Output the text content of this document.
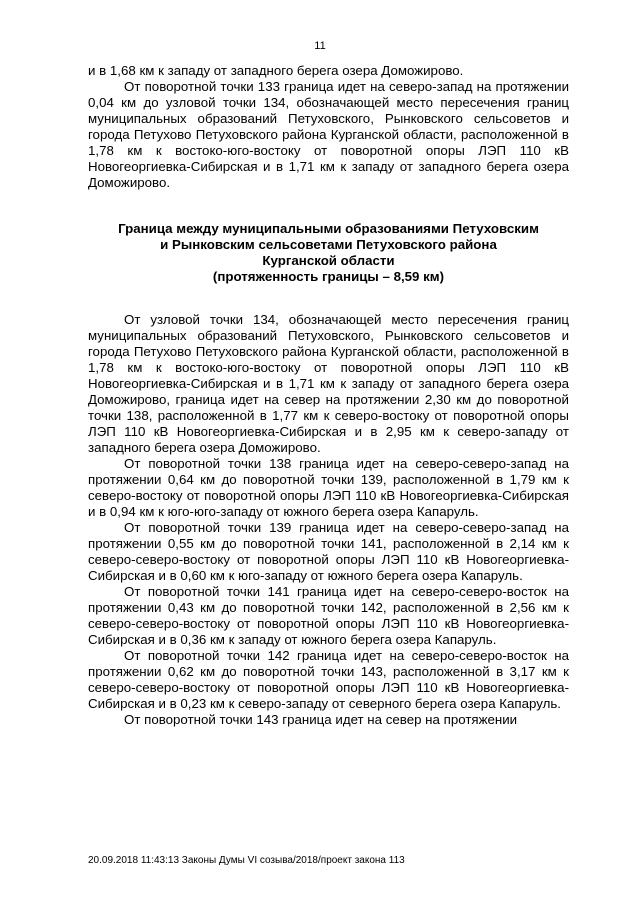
11

и в 1,68 км к западу от западного берега озера Доможирово.

От поворотной точки 133 граница идет на северо-запад на протяжении 0,04 км до узловой точки 134, обозначающей место пересечения границ муниципальных образований Петуховского, Рынковского сельсоветов и города Петухово Петуховского района Курганской области, расположенной в 1,78 км к востоко-юго-востоку от поворотной опоры ЛЭП 110 кВ Новогеоргиевка-Сибирская и в 1,71 км к западу от западного берега озера Доможирово.

Граница между муниципальными образованиями Петуховским
и Рынковским сельсоветами Петуховского района
Курганской области
(протяженность границы – 8,59 км)

От узловой точки 134, обозначающей место пересечения границ муниципальных образований Петуховского, Рынковского сельсоветов и города Петухово Петуховского района Курганской области, расположенной в 1,78 км к востоко-юго-востоку от поворотной опоры ЛЭП 110 кВ Новогеоргиевка-Сибирская и в 1,71 км к западу от западного берега озера Доможирово, граница идет на север на протяжении 2,30 км до поворотной точки 138, расположенной в 1,77 км к северо-востоку от поворотной опоры ЛЭП 110 кВ Новогеоргиевка-Сибирская и в 2,95 км к северо-западу от западного берега озера Доможирово.

От поворотной точки 138 граница идет на северо-северо-запад на протяжении 0,64 км до поворотной точки 139, расположенной в 1,79 км к северо-востоку от поворотной опоры ЛЭП 110 кВ Новогеоргиевка-Сибирская и в 0,94 км к юго-юго-западу от южного берега озера Капаруль.

От поворотной точки 139 граница идет на северо-северо-запад на протяжении 0,55 км до поворотной точки 141, расположенной в 2,14 км к северо-северо-востоку от поворотной опоры ЛЭП 110 кВ Новогеоргиевка-Сибирская и в 0,60 км к юго-западу от южного берега озера Капаруль.

От поворотной точки 141 граница идет на северо-северо-восток на протяжении 0,43 км до поворотной точки 142, расположенной в 2,56 км к северо-северо-востоку от поворотной опоры ЛЭП 110 кВ Новогеоргиевка-Сибирская и в 0,36 км к западу от южного берега озера Капаруль.

От поворотной точки 142 граница идет на северо-северо-восток на протяжении 0,62 км до поворотной точки 143, расположенной в 3,17 км к северо-северо-востоку от поворотной опоры ЛЭП 110 кВ Новогеоргиевка-Сибирская и в 0,23 км к северо-западу от северного берега озера Капаруль.

От поворотной точки 143 граница идет на север на протяжении

20.09.2018 11:43:13 Законы Думы VI созыва/2018/проект закона 113
